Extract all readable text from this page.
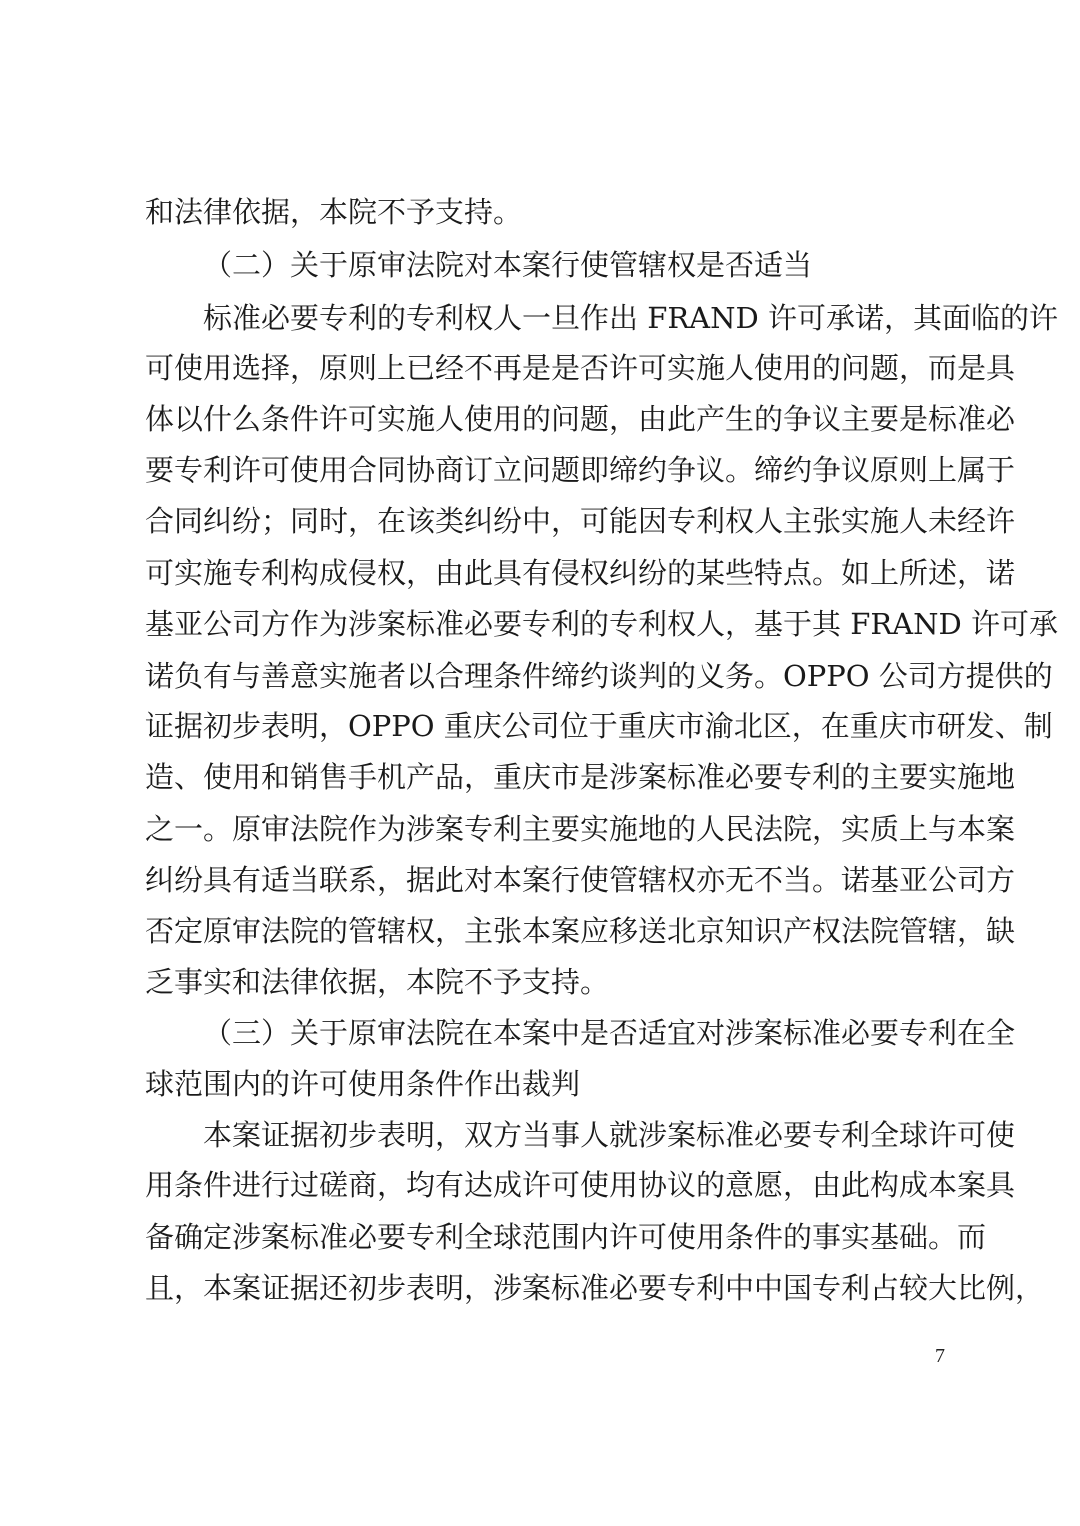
和法律依据，本院不予支持。
（二）关于原审法院对本案行使管辖权是否适当
标准必要专利的专利权人一旦作出 FRAND 许可承诺，其面临的许
可使用选择，原则上已经不再是是否许可实施人使用的问题，而是具
体以什么条件许可实施人使用的问题，由此产生的争议主要是标准必
要专利许可使用合同协商订立问题即缔约争议。缔约争议原则上属于
合同纠纷；同时，在该类纠纷中，可能因专利权人主张实施人未经许
可实施专利构成侵权，由此具有侵权纠纷的某些特点。如上所述，诺
基亚公司方作为涉案标准必要专利的专利权人，基于其 FRAND 许可承
诺负有与善意实施者以合理条件缔约谈判的义务。OPPO 公司方提供的
证据初步表明，OPPO 重庆公司位于重庆市渝北区，在重庆市研发、制
造、使用和销售手机产品，重庆市是涉案标准必要专利的主要实施地
之一。原审法院作为涉案专利主要实施地的人民法院，实质上与本案
纠纷具有适当联系，据此对本案行使管辖权亦无不当。诺基亚公司方
否定原审法院的管辖权，主张本案应移送北京知识产权法院管辖，缺
乏事实和法律依据，本院不予支持。
（三）关于原审法院在本案中是否适宜对涉案标准必要专利在全
球范围内的许可使用条件作出裁判
本案证据初步表明，双方当事人就涉案标准必要专利全球许可使
用条件进行过磋商，均有达成许可使用协议的意愿，由此构成本案具
备确定涉案标准必要专利全球范围内许可使用条件的事实基础。而
且，本案证据还初步表明，涉案标准必要专利中中国专利占较大比例，
7
